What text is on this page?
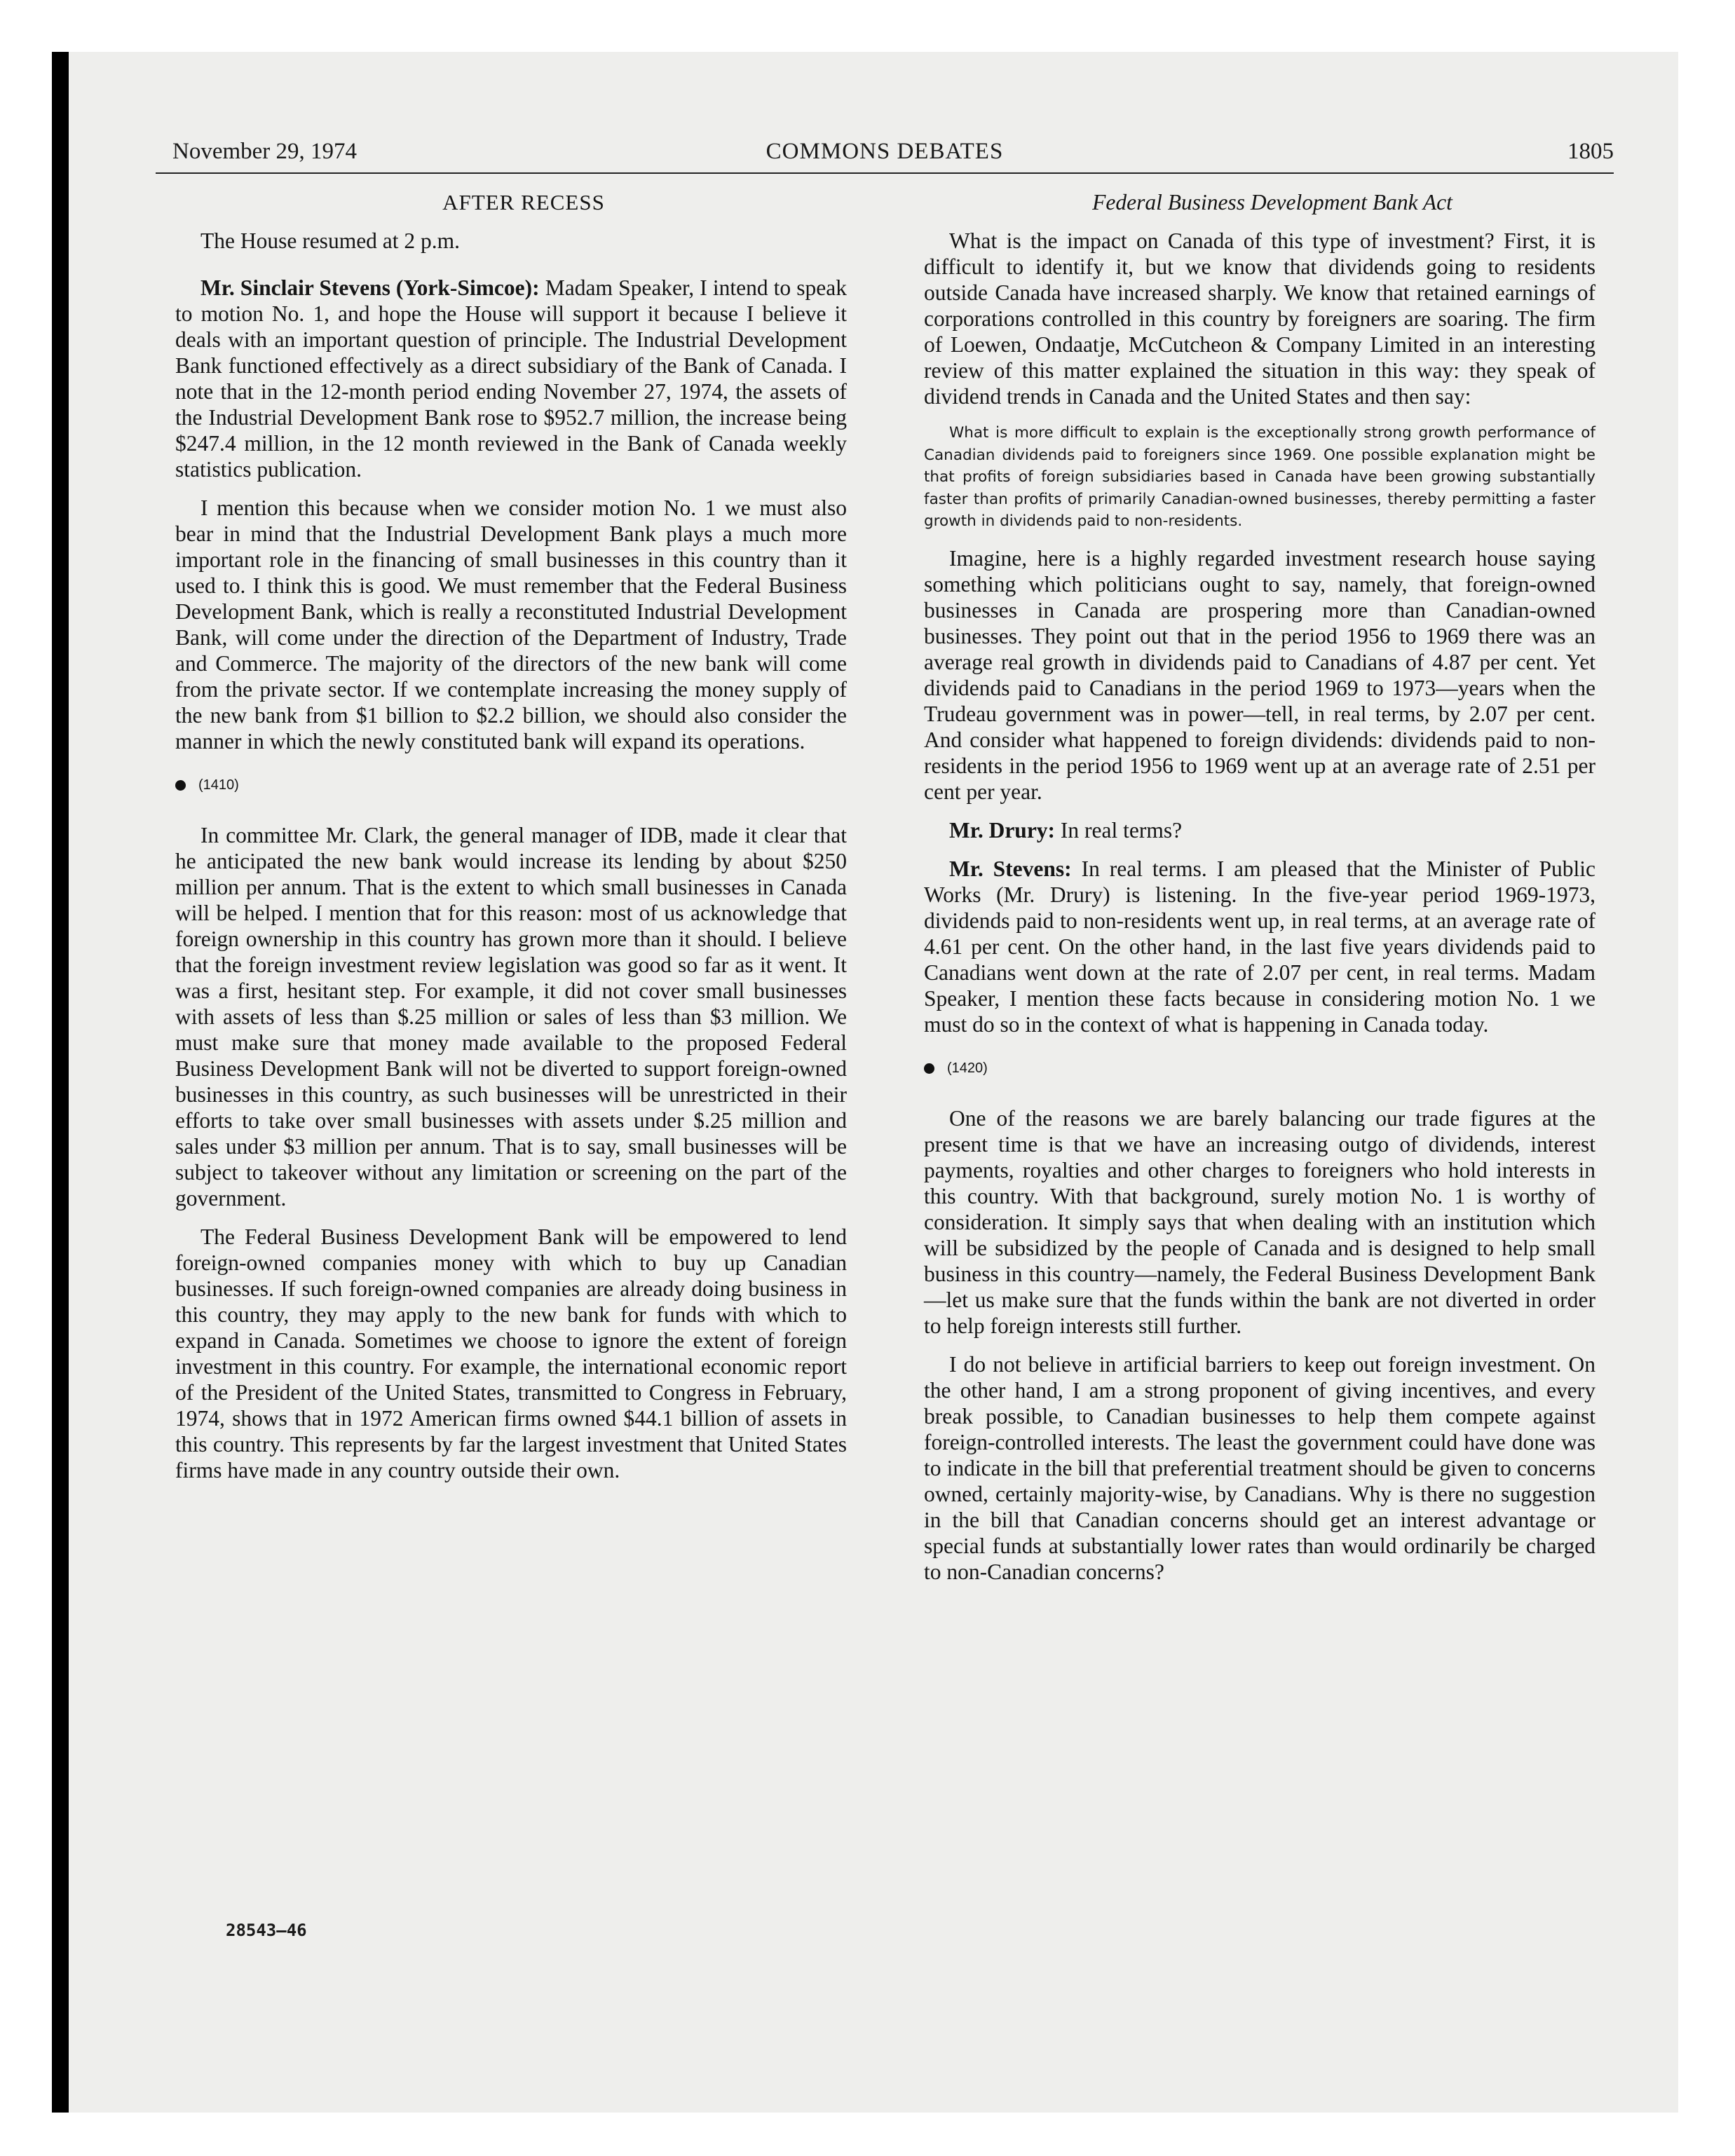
November 29, 1974	COMMONS DEBATES	1805

AFTER RECESS

The House resumed at 2 p.m.

Mr. Sinclair Stevens (York-Simcoe): Madam Speaker, I intend to speak to motion No. 1, and hope the House will support it because I believe it deals with an important question of principle. The Industrial Development Bank functioned effectively as a direct subsidiary of the Bank of Canada. I note that in the 12-month period ending November 27, 1974, the assets of the Industrial Development Bank rose to $952.7 million, the increase being $247.4 million, in the 12 month reviewed in the Bank of Canada weekly statistics publication.

I mention this because when we consider motion No. 1 we must also bear in mind that the Industrial Development Bank plays a much more important role in the financing of small businesses in this country than it used to. I think this is good. We must remember that the Federal Business Development Bank, which is really a reconstituted Industrial Development Bank, will come under the direction of the Department of Industry, Trade and Commerce. The majority of the directors of the new bank will come from the private sector. If we contemplate increasing the money supply of the new bank from $1 billion to $2.2 billion, we should also consider the manner in which the newly constituted bank will expand its operations.

(1410)

In committee Mr. Clark, the general manager of IDB, made it clear that he anticipated the new bank would increase its lending by about $250 million per annum. That is the extent to which small businesses in Canada will be helped. I mention that for this reason: most of us acknowledge that foreign ownership in this country has grown more than it should. I believe that the foreign investment review legislation was good so far as it went. It was a first, hesitant step. For example, it did not cover small businesses with assets of less than $.25 million or sales of less than $3 million. We must make sure that money made available to the proposed Federal Business Development Bank will not be diverted to support foreign-owned businesses in this country, as such businesses will be unrestricted in their efforts to take over small businesses with assets under $.25 million and sales under $3 million per annum. That is to say, small businesses will be subject to takeover without any limitation or screening on the part of the government.

The Federal Business Development Bank will be empowered to lend foreign-owned companies money with which to buy up Canadian businesses. If such foreign-owned companies are already doing business in this country, they may apply to the new bank for funds with which to expand in Canada. Sometimes we choose to ignore the extent of foreign investment in this country. For example, the international economic report of the President of the United States, transmitted to Congress in February, 1974, shows that in 1972 American firms owned $44.1 billion of assets in this country. This represents by far the largest investment that United States firms have made in any country outside their own.

Federal Business Development Bank Act

What is the impact on Canada of this type of investment? First, it is difficult to identify it, but we know that dividends going to residents outside Canada have increased sharply. We know that retained earnings of corporations controlled in this country by foreigners are soaring. The firm of Loewen, Ondaatje, McCutcheon & Company Limited in an interesting review of this matter explained the situation in this way: they speak of dividend trends in Canada and the United States and then say:

What is more difficult to explain is the exceptionally strong growth performance of Canadian dividends paid to foreigners since 1969. One possible explanation might be that profits of foreign subsidiaries based in Canada have been growing substantially faster than profits of primarily Canadian-owned businesses, thereby permitting a faster growth in dividends paid to non-residents.

Imagine, here is a highly regarded investment research house saying something which politicians ought to say, namely, that foreign-owned businesses in Canada are prospering more than Canadian-owned businesses. They point out that in the period 1956 to 1969 there was an average real growth in dividends paid to Canadians of 4.87 per cent. Yet dividends paid to Canadians in the period 1969 to 1973—years when the Trudeau government was in power—tell, in real terms, by 2.07 per cent. And consider what happened to foreign dividends: dividends paid to non-residents in the period 1956 to 1969 went up at an average rate of 2.51 per cent per year.

Mr. Drury: In real terms?

Mr. Stevens: In real terms. I am pleased that the Minister of Public Works (Mr. Drury) is listening. In the five-year period 1969-1973, dividends paid to non-residents went up, in real terms, at an average rate of 4.61 per cent. On the other hand, in the last five years dividends paid to Canadians went down at the rate of 2.07 per cent, in real terms. Madam Speaker, I mention these facts because in considering motion No. 1 we must do so in the context of what is happening in Canada today.

(1420)

One of the reasons we are barely balancing our trade figures at the present time is that we have an increasing outgo of dividends, interest payments, royalties and other charges to foreigners who hold interests in this country. With that background, surely motion No. 1 is worthy of consideration. It simply says that when dealing with an institution which will be subsidized by the people of Canada and is designed to help small business in this country—namely, the Federal Business Development Bank—let us make sure that the funds within the bank are not diverted in order to help foreign interests still further.

I do not believe in artificial barriers to keep out foreign investment. On the other hand, I am a strong proponent of giving incentives, and every break possible, to Canadian businesses to help them compete against foreign-controlled interests. The least the government could have done was to indicate in the bill that preferential treatment should be given to concerns owned, certainly majority-wise, by Canadians. Why is there no suggestion in the bill that Canadian concerns should get an interest advantage or special funds at substantially lower rates than would ordinarily be charged to non-Canadian concerns?

28543—46
